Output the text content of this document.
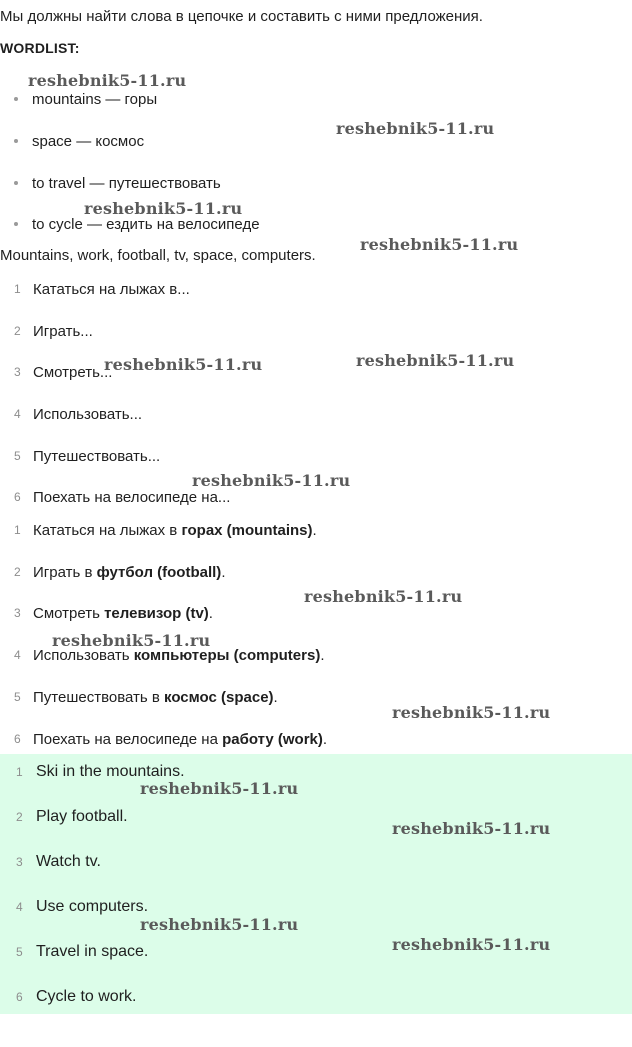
Мы должны найти слова в цепочке и составить с ними предложения.
WORDLIST:
mountains — горы
space — космос
to travel — путешествовать
to cycle — ездить на велосипеде
Mountains, work, football, tv, space, computers.
1 Кататься на лыжах в...
2 Играть...
3 Смотреть...
4 Использовать...
5 Путешествовать...
6 Поехать на велосипеде на...
1 Кататься на лыжах в
горах (mountains) .
2 Играть в
футбол (football) .
3 Смотреть
телевизор (tv) .
4 Использовать
компьютеры (computers) .
5 Путешествовать в
космос (space) .
6 Поехать на велосипеде на
работу (work) .
1 Ski in the mountains.
2 Play football.
3 Watch tv.
4 Use computers.
5 Travel in space.
6 Cycle to work.
reshebnik5-11.ru
reshebnik5-11.ru
reshebnik5-11.ru
reshebnik5-11.ru
reshebnik5-11.ru	reshebnik5-11.ru
reshebnik5-11.ru
reshebnik5-11.ru
reshebnik5-11.ru
reshebnik5-11.ru
reshebnik5-11.ru
reshebnik5-11.ru
reshebnik5-11.ru
reshebnik5-11.ru
